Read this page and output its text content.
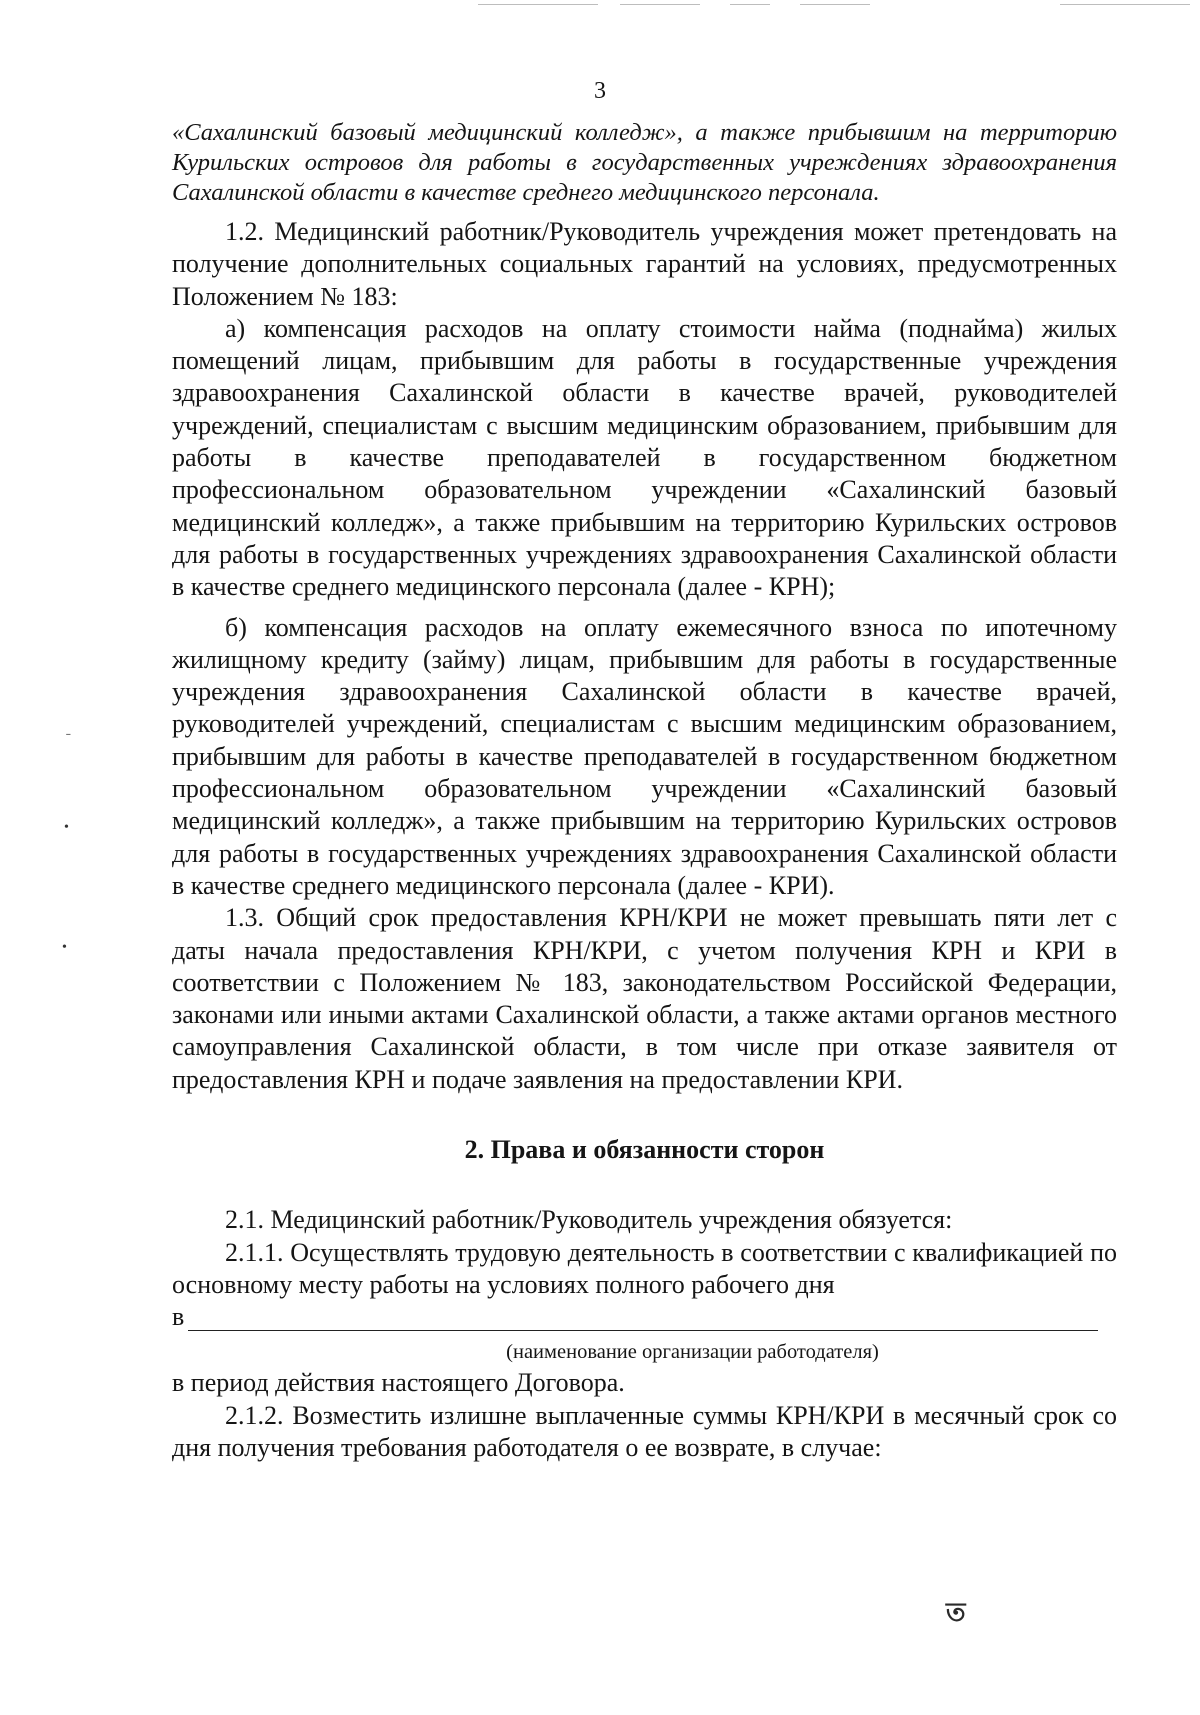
3

«Сахалинский базовый медицинский колледж», а также прибывшим на территорию Курильских островов для работы в государственных учреждениях здравоохранения Сахалинской области в качестве среднего медицинского персонала.

1.2. Медицинский работник/Руководитель учреждения может претендовать на получение дополнительных социальных гарантий на условиях, предусмотренных Положением № 183:

а) компенсация расходов на оплату стоимости найма (поднайма) жилых помещений лицам, прибывшим для работы в государственные учреждения здравоохранения Сахалинской области в качестве врачей, руководителей учреждений, специалистам с высшим медицинским образованием, прибывшим для работы в качестве преподавателей в государственном бюджетном профессиональном образовательном учреждении «Сахалинский базовый медицинский колледж», а также прибывшим на территорию Курильских островов для работы в государственных учреждениях здравоохранения Сахалинской области в качестве среднего медицинского персонала (далее - КРН);

б) компенсация расходов на оплату ежемесячного взноса по ипотечному жилищному кредиту (займу) лицам, прибывшим для работы в государственные учреждения здравоохранения Сахалинской области в качестве врачей, руководителей учреждений, специалистам с высшим медицинским образованием, прибывшим для работы в качестве преподавателей в государственном бюджетном профессиональном образовательном учреждении «Сахалинский базовый медицинский колледж», а также прибывшим на территорию Курильских островов для работы в государственных учреждениях здравоохранения Сахалинской области в качестве среднего медицинского персонала (далее - КРИ).

1.3. Общий срок предоставления КРН/КРИ не может превышать пяти лет с даты начала предоставления КРН/КРИ, с учетом получения КРН и КРИ в соответствии с Положением № 183, законодательством Российской Федерации, законами или иными актами Сахалинской области, а также актами органов местного самоуправления Сахалинской области, в том числе при отказе заявителя от предоставления КРН и подаче заявления на предоставлении КРИ.

2. Права и обязанности сторон

2.1. Медицинский работник/Руководитель учреждения обязуется:

2.1.1. Осуществлять трудовую деятельность в соответствии с квалификацией по основному месту работы на условиях полного рабочего дня

в

(наименование организации работодателя)

в период действия настоящего Договора.

2.1.2. Возместить излишне выплаченные суммы КРН/КРИ в месячный срок со дня получения требования работодателя о ее возврате, в случае:

˗
•
•
ত
